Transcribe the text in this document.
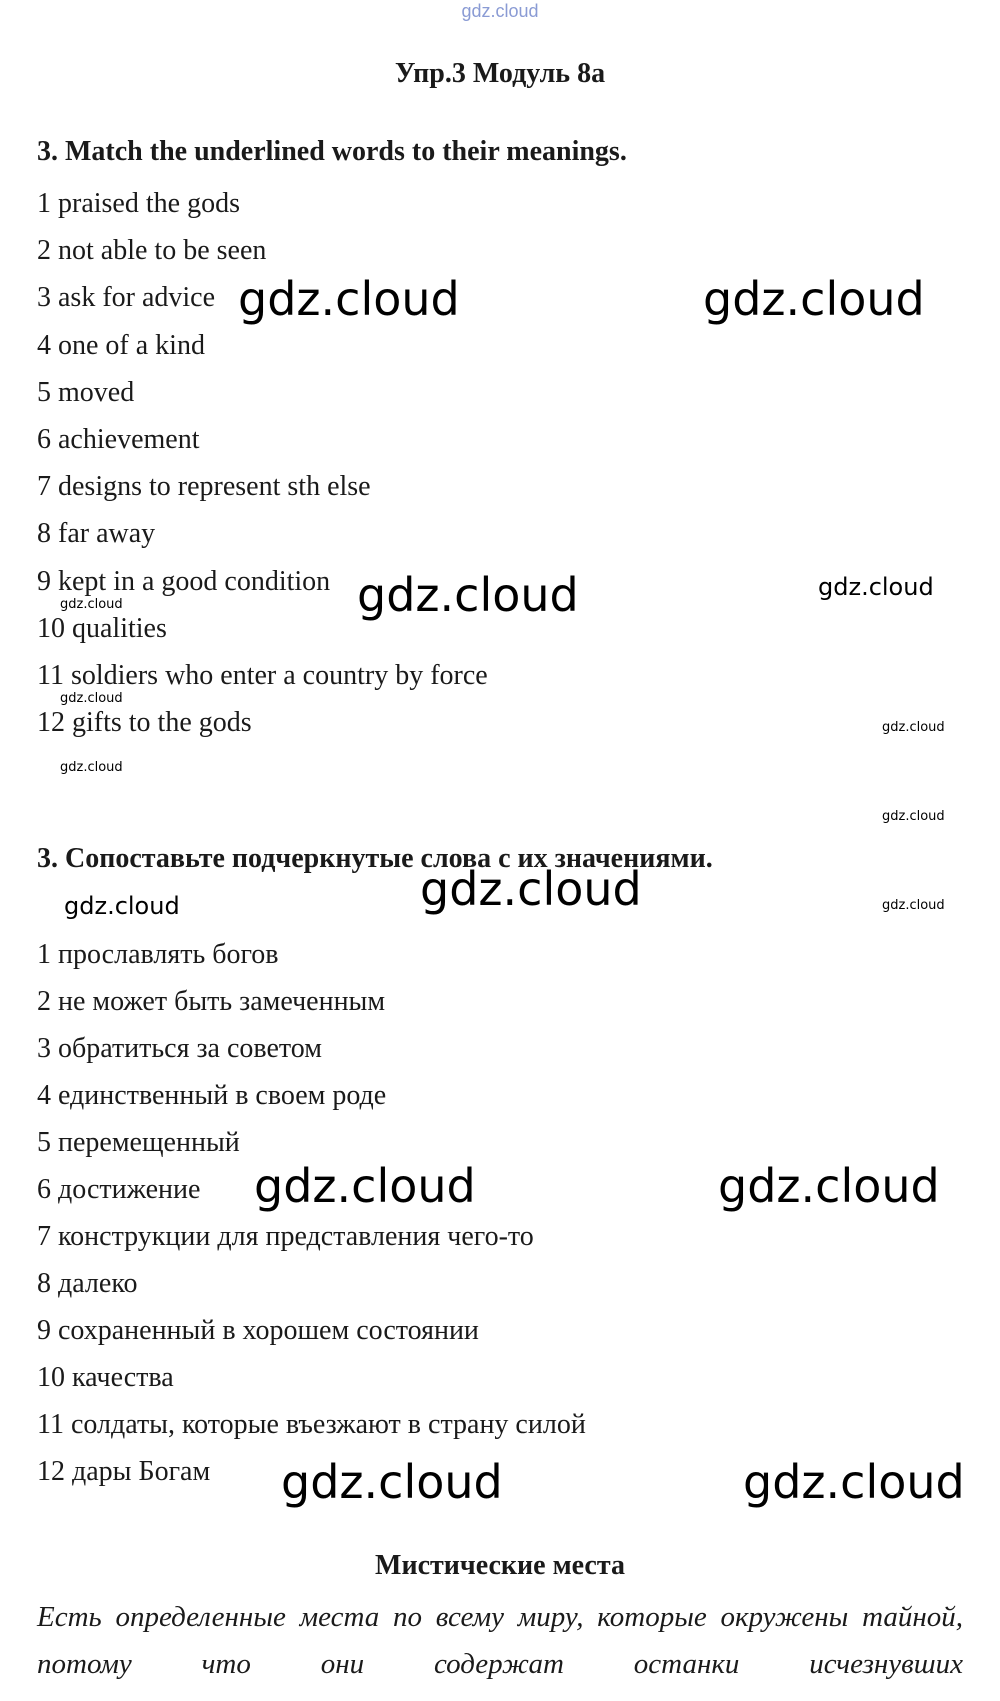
gdz.cloud
Упр.3 Модуль 8а
3. Match the underlined words to their meanings.
1 praised the gods
2 not able to be seen
3 ask for advice
4 one of a kind
5 moved
6 achievement
7 designs to represent sth else
8 far away
9 kept in a good condition
10 qualities
11 soldiers who enter a country by force
12 gifts to the gods
3. Сопоставьте подчеркнутые слова с их значениями.
1 прославлять богов
2 не может быть замеченным
3 обратиться за советом
4 единственный в своем роде
5 перемещенный
6 достижение
7 конструкции для представления чего-то
8 далеко
9 сохраненный в хорошем состоянии
10 качества
11 солдаты, которые въезжают в страну силой
12 дары Богам
Мистические места
Есть определенные места по всему миру, которые окружены тайной, потому что они содержат останки исчезнувших
gdz.cloud	gdz.cloud
gdz.cloud	gdz.cloud
gdz.cloud
gdz.cloud
gdz.cloud
gdz.cloud
gdz.cloud
gdz.cloud
gdz.cloud	gdz.cloud
gdz.cloud	gdz.cloud
gdz.cloud	gdz.cloud
